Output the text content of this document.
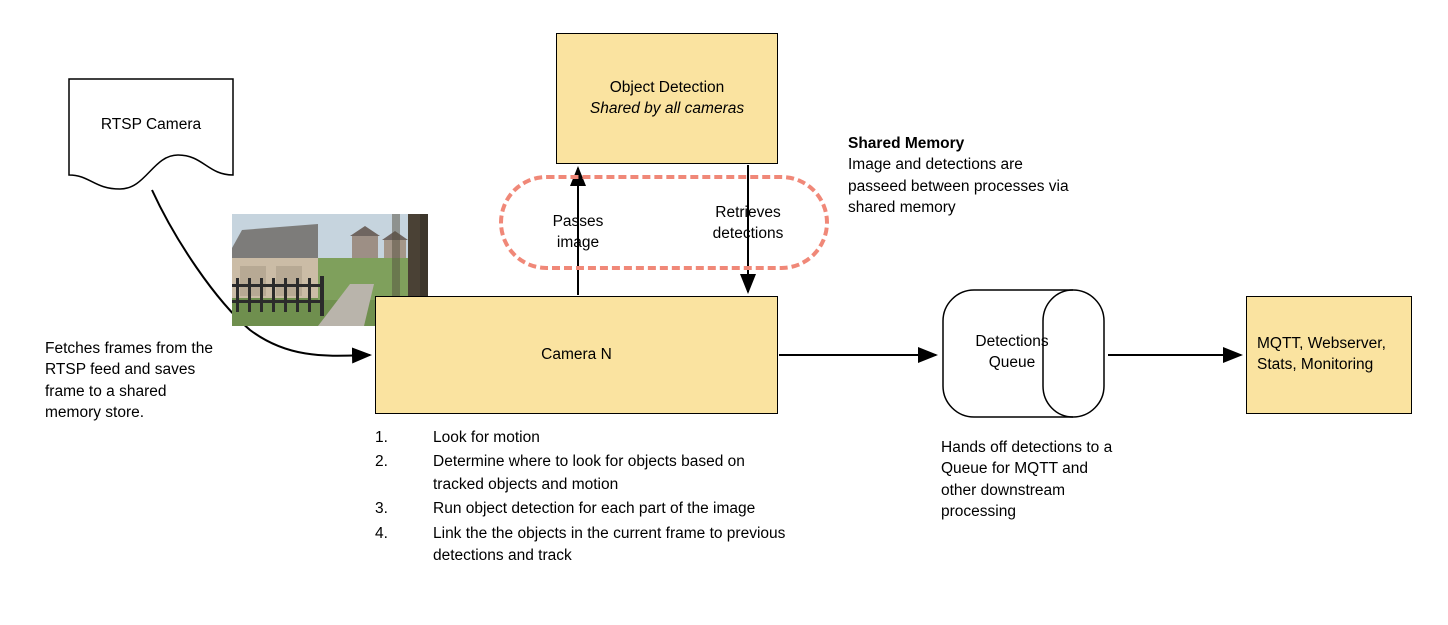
RTSP Camera
Object Detection
Shared by all cameras
Passes
image
Retrieves
detections
Shared Memory
Image and detections are passeed between processes via shared memory
Camera N
Fetches frames from the RTSP feed and saves frame to a shared memory store.
1.	Look for motion
2.	Determine where to look for objects based on tracked objects and motion
3.	Run object detection for each part of the image
4.	Link the the objects in the current frame to previous detections and track
Detections
Queue
Hands off detections to a Queue for MQTT and other downstream processing
MQTT, Webserver, Stats, Monitoring
